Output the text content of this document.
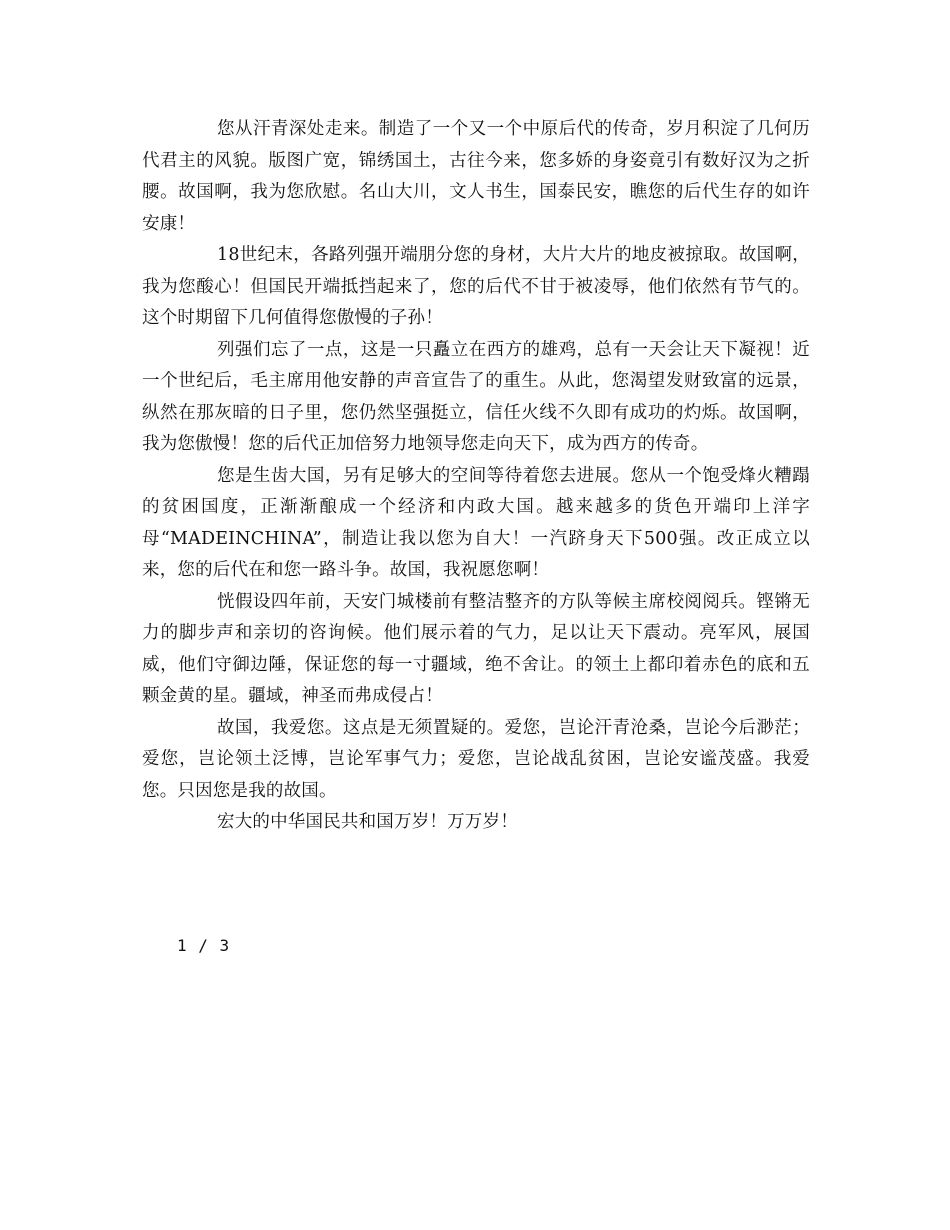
您从汗青深处走来。制造了一个又一个中原后代的传奇，岁月积淀了几何历代君主的风貌。版图广宽，锦绣国土，古往今来，您多娇的身姿竟引有数好汉为之折腰。故国啊，我为您欣慰。名山大川，文人书生，国泰民安，瞧您的后代生存的如许安康！

18世纪末，各路列强开端朋分您的身材，大片大片的地皮被掠取。故国啊，我为您酸心！但国民开端抵挡起来了，您的后代不甘于被凌辱，他们依然有节气的。这个时期留下几何值得您傲慢的子孙！

列强们忘了一点，这是一只矗立在西方的雄鸡，总有一天会让天下凝视！近一个世纪后，毛主席用他安静的声音宣告了的重生。从此，您渴望发财致富的远景，纵然在那灰暗的日子里，您仍然坚强挺立，信任火线不久即有成功的灼烁。故国啊，我为您傲慢！您的后代正加倍努力地领导您走向天下，成为西方的传奇。

您是生齿大国，另有足够大的空间等待着您去进展。您从一个饱受烽火糟蹋的贫困国度，正渐渐酿成一个经济和内政大国。越来越多的货色开端印上洋字母“MADEINCHINA”，制造让我以您为自大！一汽跻身天下500强。改正成立以来，您的后代在和您一路斗争。故国，我祝愿您啊！

恍假设四年前，天安门城楼前有整洁整齐的方队等候主席校阅阅兵。铿锵无力的脚步声和亲切的咨询候。他们展示着的气力，足以让天下震动。亮军风，展国威，他们守御边陲，保证您的每一寸疆域，绝不舍让。的领土上都印着赤色的底和五颗金黄的星。疆域，神圣而弗成侵占！

故国，我爱您。这点是无须置疑的。爱您，岂论汗青沧桑，岂论今后渺茫；爱您，岂论领土泛博，岂论军事气力；爱您，岂论战乱贫困，岂论安谧茂盛。我爱您。只因您是我的故国。

宏大的中华国民共和国万岁！万万岁！

1 / 3
